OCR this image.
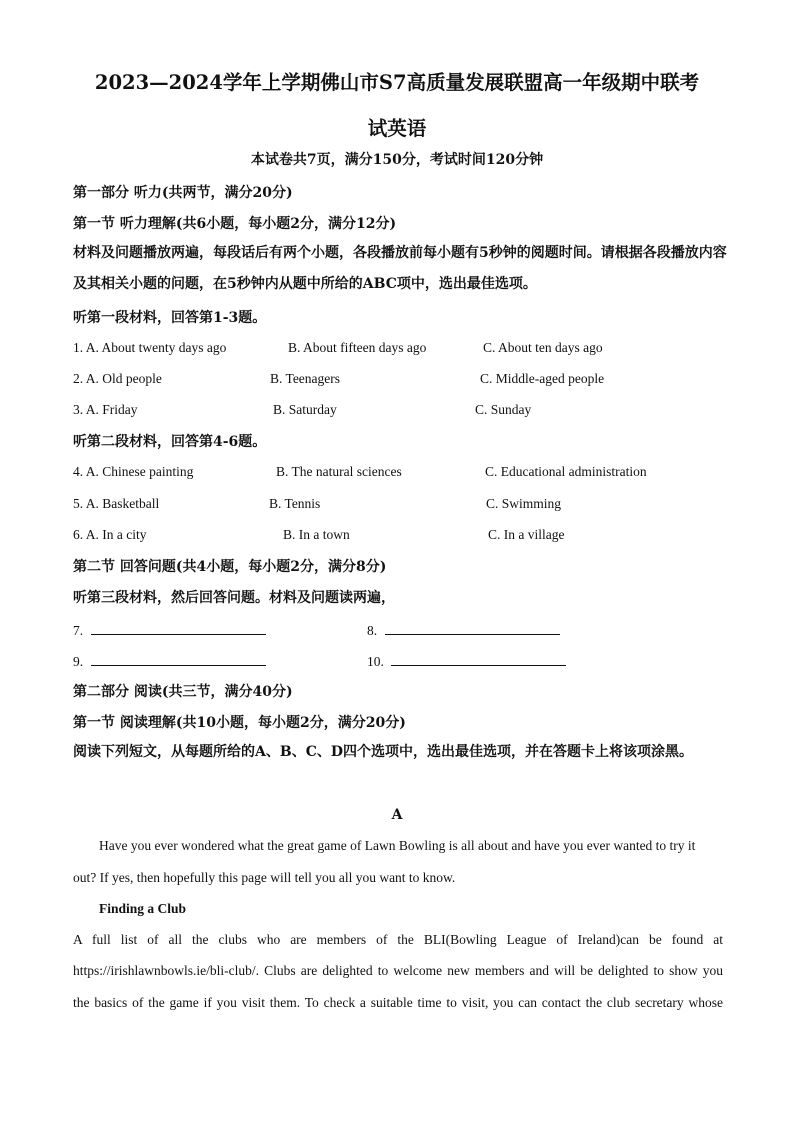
2023—2024学年上学期佛山市S7高质量发展联盟高一年级期中联考
试英语
本试卷共7页，满分150分，考试时间120分钟
第一部分 听力(共两节，满分20分)
第一节 听力理解(共6小题，每小题2分，满分12分)
材料及问题播放两遍，每段话后有两个小题，各段播放前每小题有5秒钟的阅题时间。请根据各段播放内容及其相关小题的问题，在5秒钟内从题中所给的ABC项中，选出最佳选项。
听第一段材料，回答第1-3题。
1. A. About twenty days ago	B. About fifteen days ago	C. About ten days ago
2. A. Old people	B. Teenagers	C. Middle-aged people
3. A. Friday	B. Saturday	C. Sunday
听第二段材料，回答第4-6题。
4. A. Chinese painting	B. The natural sciences	C. Educational administration
5. A. Basketball	B. Tennis	C. Swimming
6. A. In a city	B. In a town	C. In a village
第二节 回答问题(共4小题，每小题2分，满分8分)
听第三段材料，然后回答问题。材料及问题读两遍，
7.	8.
9.	10.
第二部分 阅读(共三节，满分40分)
第一节 阅读理解(共10小题，每小题2分，满分20分)
阅读下列短文，从每题所给的A、B、C、D四个选项中，选出最佳选项，并在答题卡上将该项涂黑。
A
Have you ever wondered what the great game of Lawn Bowling is all about and have you ever wanted to try it
out? If yes, then hopefully this page will tell you all you want to know.
Finding a Club
A full list of all the clubs who are members of the BLI(Bowling League of Ireland)can be found at
https://irishlawnbowls.ie/bli-club/. Clubs are delighted to welcome new members and will be delighted to show you
the basics of the game if you visit them. To check a suitable time to visit, you can contact the club secretary whose
